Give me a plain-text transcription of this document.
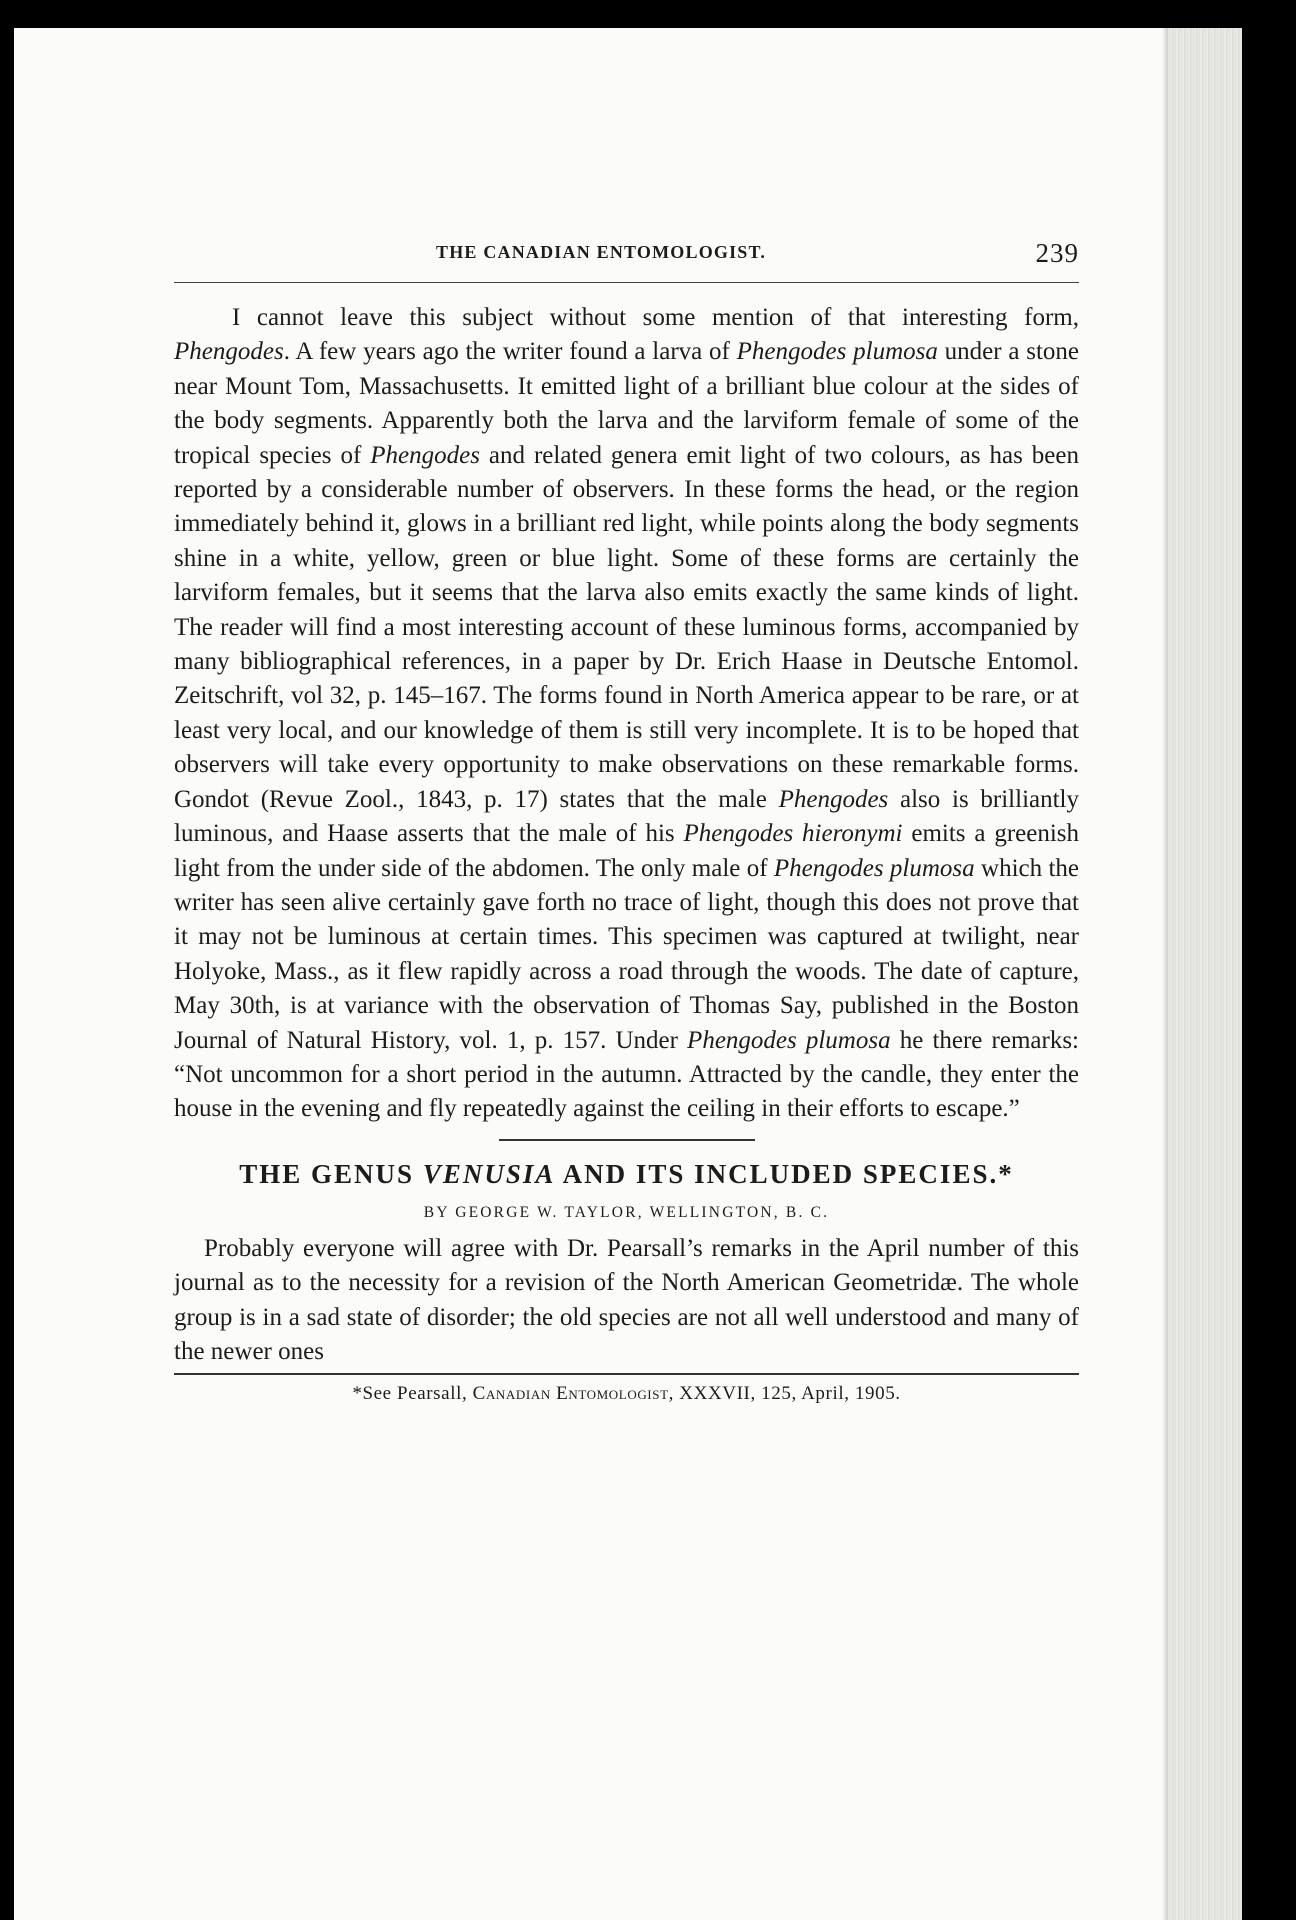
THE CANADIAN ENTOMOLOGIST.	239

I cannot leave this subject without some mention of that interesting form, Phengodes. A few years ago the writer found a larva of Phengodes plumosa under a stone near Mount Tom, Massachusetts. It emitted light of a brilliant blue colour at the sides of the body segments. Apparently both the larva and the larviform female of some of the tropical species of Phengodes and related genera emit light of two colours, as has been reported by a considerable number of observers. In these forms the head, or the region immediately behind it, glows in a brilliant red light, while points along the body segments shine in a white, yellow, green or blue light. Some of these forms are certainly the larviform females, but it seems that the larva also emits exactly the same kinds of light. The reader will find a most interesting account of these luminous forms, accompanied by many bibliographical references, in a paper by Dr. Erich Haase in Deutsche Entomol. Zeitschrift, vol 32, p. 145–167. The forms found in North America appear to be rare, or at least very local, and our knowledge of them is still very incomplete. It is to be hoped that observers will take every opportunity to make observations on these remarkable forms. Gondot (Revue Zool., 1843, p. 17) states that the male Phengodes also is brilliantly luminous, and Haase asserts that the male of his Phengodes hieronymi emits a greenish light from the under side of the abdomen. The only male of Phengodes plumosa which the writer has seen alive certainly gave forth no trace of light, though this does not prove that it may not be luminous at certain times. This specimen was captured at twilight, near Holyoke, Mass., as it flew rapidly across a road through the woods. The date of capture, May 30th, is at variance with the observation of Thomas Say, published in the Boston Journal of Natural History, vol. 1, p. 157. Under Phengodes plumosa he there remarks: “Not uncommon for a short period in the autumn. Attracted by the candle, they enter the house in the evening and fly repeatedly against the ceiling in their efforts to escape.”

THE GENUS VENUSIA AND ITS INCLUDED SPECIES.*
BY GEORGE W. TAYLOR, WELLINGTON, B. C.

Probably everyone will agree with Dr. Pearsall’s remarks in the April number of this journal as to the necessity for a revision of the North American Geometridæ. The whole group is in a sad state of disorder; the old species are not all well understood and many of the newer ones

*See Pearsall, Canadian Entomologist, XXXVII, 125, April, 1905.
